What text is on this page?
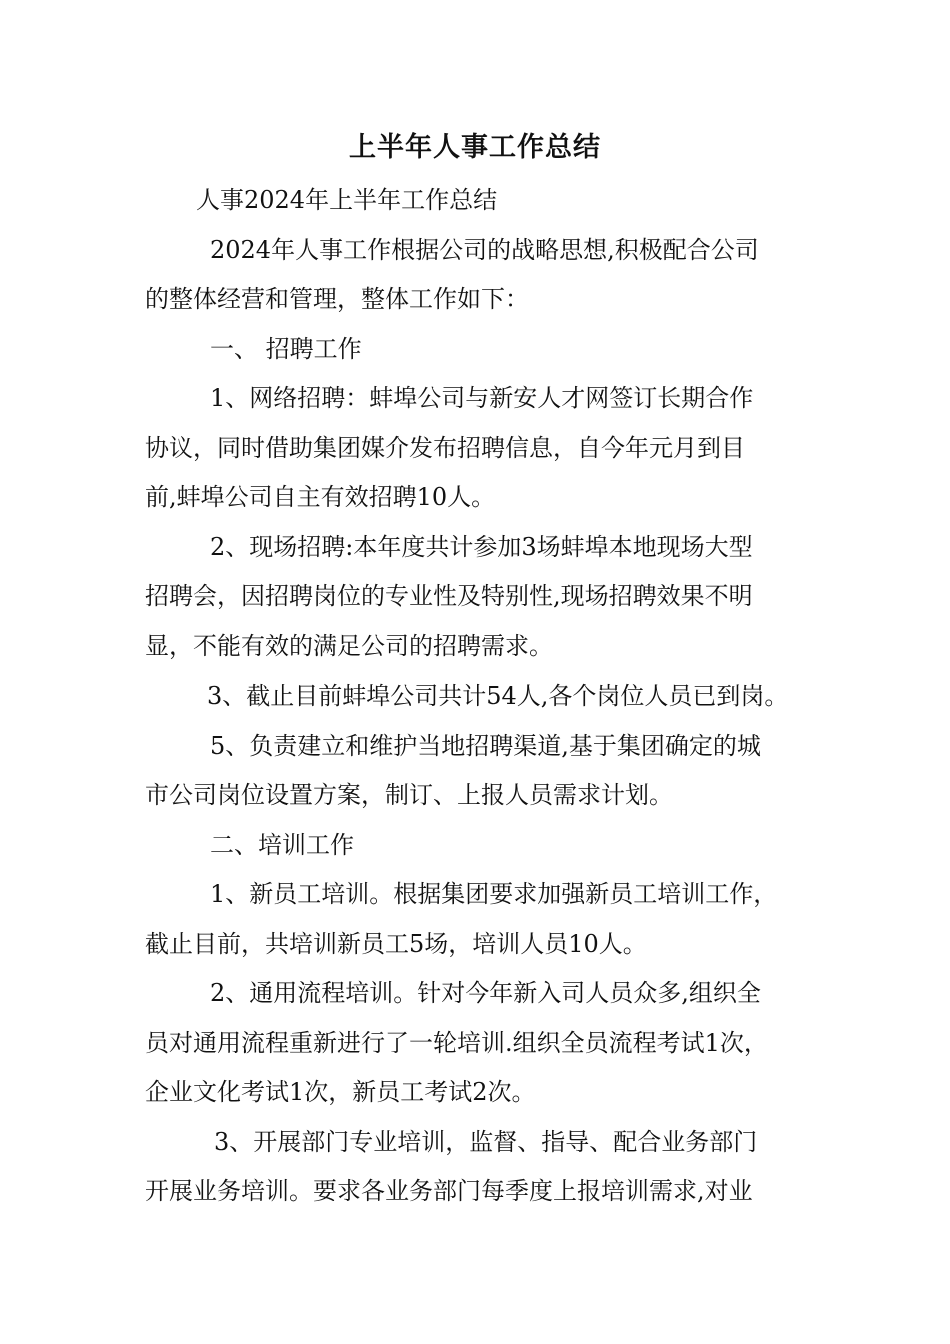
上半年人事工作总结
人事2024年上半年工作总结
2024年人事工作根据公司的战略思想,积极配合公司
的整体经营和管理，整体工作如下：
一、 招聘工作
1、网络招聘：蚌埠公司与新安人才网签订长期合作
协议，同时借助集团媒介发布招聘信息，自今年元月到目
前,蚌埠公司自主有效招聘10人。
2、现场招聘:本年度共计参加3场蚌埠本地现场大型
招聘会，因招聘岗位的专业性及特别性,现场招聘效果不明
显，不能有效的满足公司的招聘需求。
3、截止目前蚌埠公司共计54人,各个岗位人员已到岗。
5、负责建立和维护当地招聘渠道,基于集团确定的城
市公司岗位设置方案，制订、上报人员需求计划。
二、培训工作
1、新员工培训。根据集团要求加强新员工培训工作，
截止目前，共培训新员工5场，培训人员10人。
2、通用流程培训。针对今年新入司人员众多,组织全
员对通用流程重新进行了一轮培训.组织全员流程考试1次，
企业文化考试1次，新员工考试2次。
3、开展部门专业培训，监督、指导、配合业务部门
开展业务培训。要求各业务部门每季度上报培训需求,对业
